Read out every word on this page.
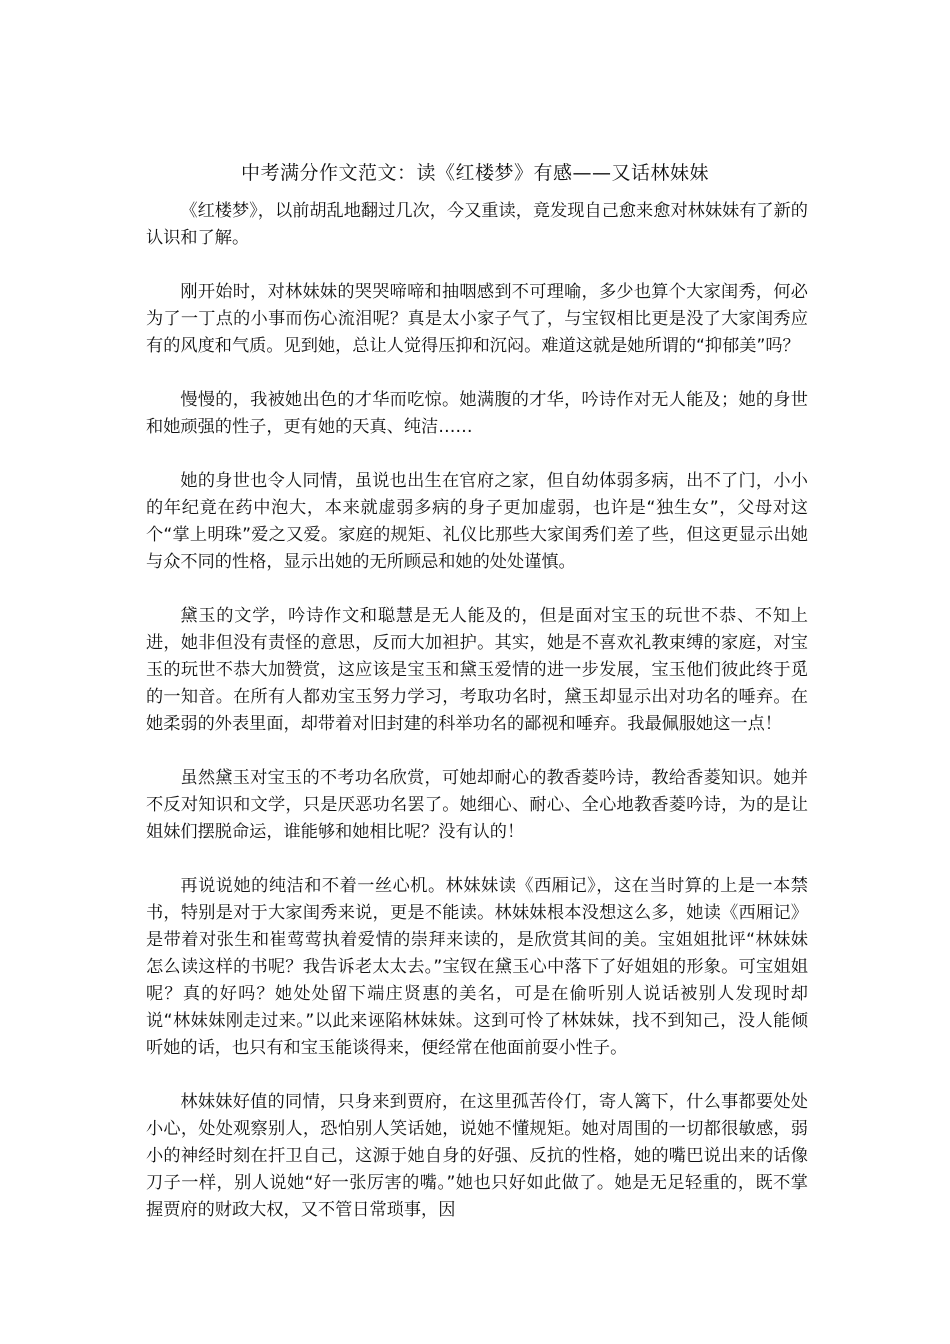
中考满分作文范文：读《红楼梦》有感——又话林妹妹

《红楼梦》，以前胡乱地翻过几次，今又重读，竟发现自己愈来愈对林妹妹有了新的认识和了解。

刚开始时，对林妹妹的哭哭啼啼和抽咽感到不可理喻，多少也算个大家闺秀，何必为了一丁点的小事而伤心流泪呢？真是太小家子气了，与宝钗相比更是没了大家闺秀应有的风度和气质。见到她，总让人觉得压抑和沉闷。难道这就是她所谓的“抑郁美”吗？

慢慢的，我被她出色的才华而吃惊。她满腹的才华，吟诗作对无人能及；她的身世和她顽强的性子，更有她的天真、纯洁……

她的身世也令人同情，虽说也出生在官府之家，但自幼体弱多病，出不了门，小小的年纪竟在药中泡大，本来就虚弱多病的身子更加虚弱，也许是“独生女”，父母对这个“掌上明珠”爱之又爱。家庭的规矩、礼仪比那些大家闺秀们差了些，但这更显示出她与众不同的性格，显示出她的无所顾忌和她的处处谨慎。

黛玉的文学，吟诗作文和聪慧是无人能及的，但是面对宝玉的玩世不恭、不知上进，她非但没有责怪的意思，反而大加袒护。其实，她是不喜欢礼教束缚的家庭，对宝玉的玩世不恭大加赞赏，这应该是宝玉和黛玉爱情的进一步发展，宝玉他们彼此终于觅的一知音。在所有人都劝宝玉努力学习，考取功名时，黛玉却显示出对功名的唾弃。在她柔弱的外表里面，却带着对旧封建的科举功名的鄙视和唾弃。我最佩服她这一点！

虽然黛玉对宝玉的不考功名欣赏，可她却耐心的教香菱吟诗，教给香菱知识。她并不反对知识和文学，只是厌恶功名罢了。她细心、耐心、全心地教香菱吟诗，为的是让姐妹们摆脱命运，谁能够和她相比呢？没有认的！

再说说她的纯洁和不着一丝心机。林妹妹读《西厢记》，这在当时算的上是一本禁书，特别是对于大家闺秀来说，更是不能读。林妹妹根本没想这么多，她读《西厢记》是带着对张生和崔莺莺执着爱情的崇拜来读的，是欣赏其间的美。宝姐姐批评“林妹妹怎么读这样的书呢？我告诉老太太去。”宝钗在黛玉心中落下了好姐姐的形象。可宝姐姐呢？真的好吗？她处处留下端庄贤惠的美名，可是在偷听别人说话被别人发现时却说“林妹妹刚走过来。”以此来诬陷林妹妹。这到可怜了林妹妹，找不到知己，没人能倾听她的话，也只有和宝玉能谈得来，便经常在他面前耍小性子。

林妹妹好值的同情，只身来到贾府，在这里孤苦伶仃，寄人篱下，什么事都要处处小心，处处观察别人，恐怕别人笑话她，说她不懂规矩。她对周围的一切都很敏感，弱小的神经时刻在扞卫自己，这源于她自身的好强、反抗的性格，她的嘴巴说出来的话像刀子一样，别人说她“好一张厉害的嘴。”她也只好如此做了。她是无足轻重的，既不掌握贾府的财政大权，又不管日常琐事，因
